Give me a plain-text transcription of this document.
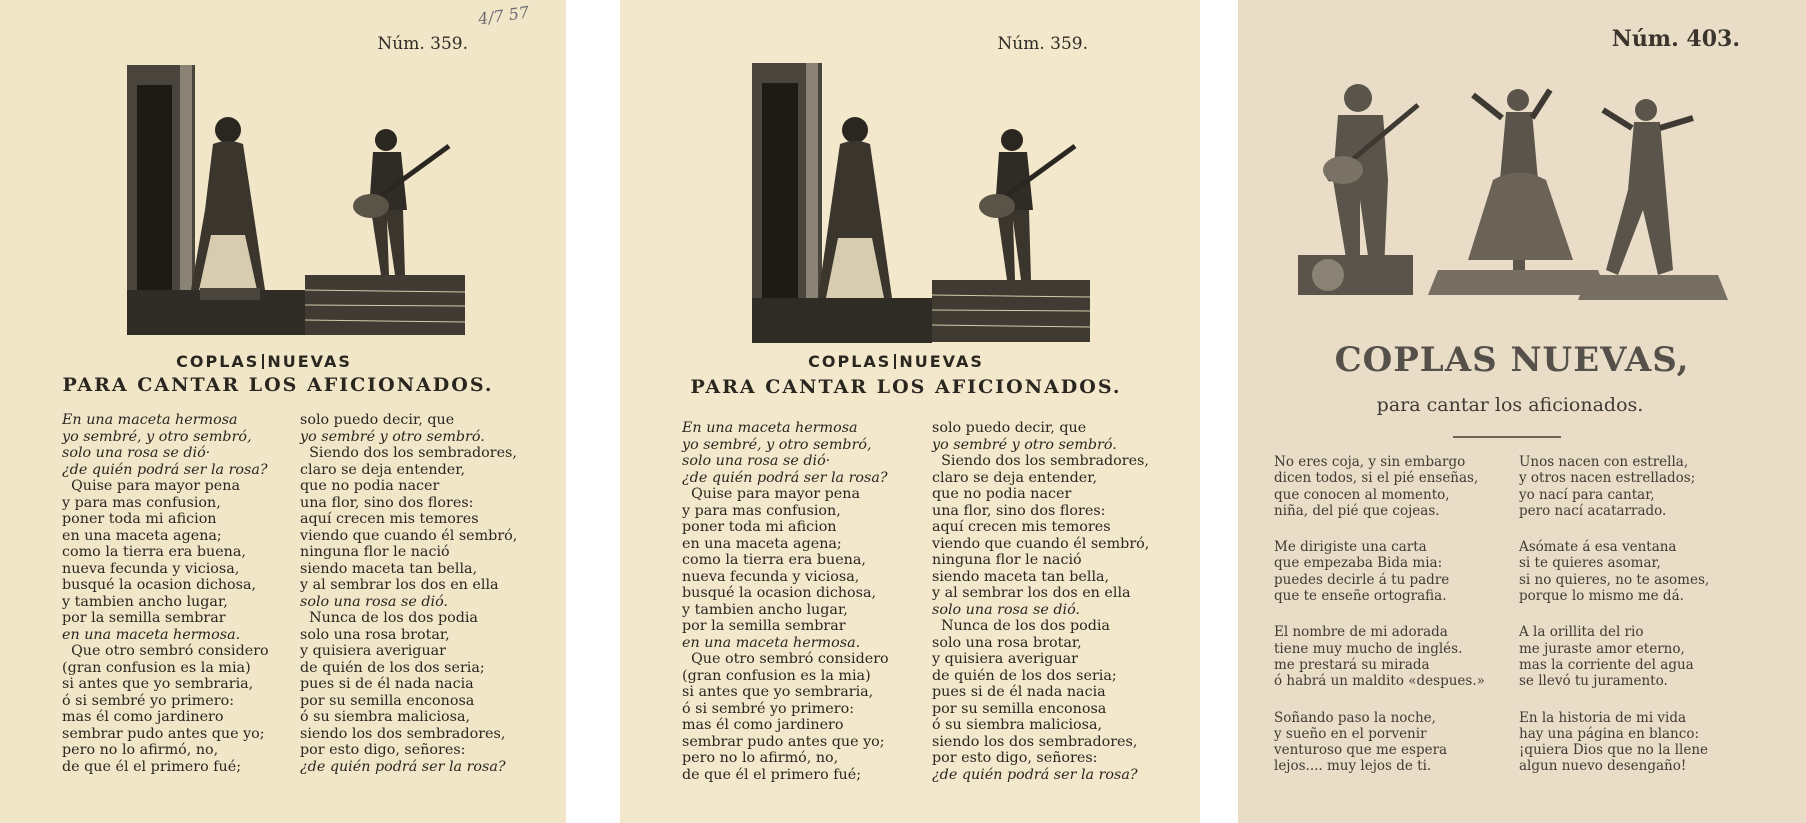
Núm. 359.
4/7 57
COPLAS NUEVAS
PARA CANTAR LOS AFICIONADOS.
En una maceta hermosa
yo sembré, y otro sembró,
solo una rosa se dió·
¿de quién podrá ser la rosa?
Quise para mayor pena
y para mas confusion,
poner toda mi aficion
en una maceta agena;
como la tierra era buena,
nueva fecunda y viciosa,
busqué la ocasion dichosa,
y tambien ancho lugar,
por la semilla sembrar
en una maceta hermosa.
Que otro sembró considero
(gran confusion es la mia)
si antes que yo sembraria,
ó si sembré yo primero:
mas él como jardinero
sembrar pudo antes que yo;
pero no lo afirmó, no,
de que él el primero fué;
solo puedo decir, que
yo sembré y otro sembró.
Siendo dos los sembradores,
claro se deja entender,
que no podia nacer
una flor, sino dos flores:
aquí crecen mis temores
viendo que cuando él sembró,
ninguna flor le nació
siendo maceta tan bella,
y al sembrar los dos en ella
solo una rosa se dió.
Nunca de los dos podia
solo una rosa brotar,
y quisiera averiguar
de quién de los dos seria;
pues si de él nada nacia
por su semilla enconosa
ó su siembra maliciosa,
siendo los dos sembradores,
por esto digo, señores:
¿de quién podrá ser la rosa?
Núm. 359.
COPLAS NUEVAS
PARA CANTAR LOS AFICIONADOS.
En una maceta hermosa
yo sembré, y otro sembró,
solo una rosa se dió·
¿de quién podrá ser la rosa?
Quise para mayor pena
y para mas confusion,
poner toda mi aficion
en una maceta agena;
como la tierra era buena,
nueva fecunda y viciosa,
busqué la ocasion dichosa,
y tambien ancho lugar,
por la semilla sembrar
en una maceta hermosa.
Que otro sembró considero
(gran confusion es la mia)
si antes que yo sembraria,
ó si sembré yo primero:
mas él como jardinero
sembrar pudo antes que yo;
pero no lo afirmó, no,
de que él el primero fué;
solo puedo decir, que
yo sembré y otro sembró.
Siendo dos los sembradores,
claro se deja entender,
que no podia nacer
una flor, sino dos flores:
aquí crecen mis temores
viendo que cuando él sembró,
ninguna flor le nació
siendo maceta tan bella,
y al sembrar los dos en ella
solo una rosa se dió.
Nunca de los dos podia
solo una rosa brotar,
y quisiera averiguar
de quién de los dos seria;
pues si de él nada nacia
por su semilla enconosa
ó su siembra maliciosa,
siendo los dos sembradores,
por esto digo, señores:
¿de quién podrá ser la rosa?
Núm. 403.
COPLAS NUEVAS,
para cantar los aficionados.
No eres coja, y sin embargo
dicen todos, si el pié enseñas,
que conocen al momento,
niña, del pié que cojeas.
Me dirigiste una carta
que empezaba Bida mia:
puedes decirle á tu padre
que te enseñe ortografia.
El nombre de mi adorada
tiene muy mucho de inglés.
me prestará su mirada
ó habrá un maldito «despues.»
Soñando paso la noche,
y sueño en el porvenir
venturoso que me espera
lejos.... muy lejos de ti.
Unos nacen con estrella,
y otros nacen estrellados;
yo nací para cantar,
pero nací acatarrado.
Asómate á esa ventana
si te quieres asomar,
si no quieres, no te asomes,
porque lo mismo me dá.
A la orillita del rio
me juraste amor eterno,
mas la corriente del agua
se llevó tu juramento.
En la historia de mi vida
hay una página en blanco:
¡quiera Dios que no la llene
algun nuevo desengaño!
